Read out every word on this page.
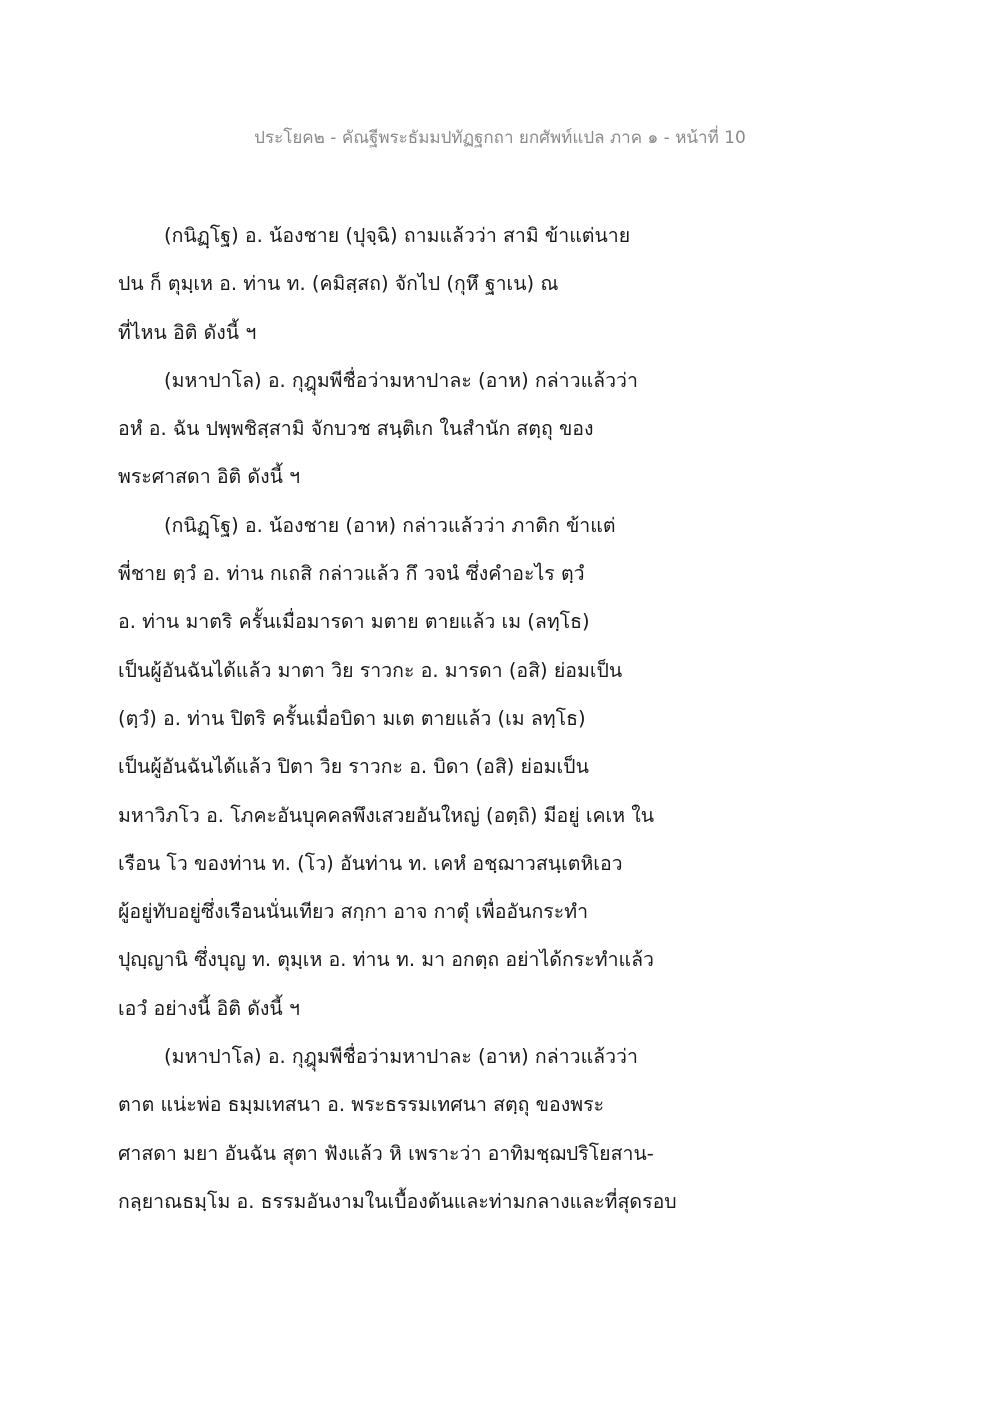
ประโยค๒ - คัณฐีพระธัมมปทัฏฐกถา ยกศัพท์แปล ภาค ๑ - หน้าที่ 10
(กนิฏฺโฐ) อ. น้องชาย (ปุจฺฉิ) ถามแล้วว่า สามิ ข้าแต่นาย
ปน ก็ ตุมฺเห อ. ท่าน ท. (คมิสฺสถ) จักไป (กุหึ ฐาเน) ณ
ที่ไหน อิติ ดังนี้ ฯ
(มหาปาโล) อ. กุฎุมพีชื่อว่ามหาปาละ (อาห) กล่าวแล้วว่า
อหํ อ. ฉัน ปพฺพชิสฺสามิ จักบวช สนฺติเก ในสำนัก สตฺถุ ของ
พระศาสดา อิติ ดังนี้ ฯ
(กนิฏฺโฐ) อ. น้องชาย (อาห) กล่าวแล้วว่า ภาติก ข้าแต่
พี่ชาย ตฺวํ อ. ท่าน กเถสิ กล่าวแล้ว กึ วจนํ ซึ่งคำอะไร ตฺวํ
อ. ท่าน มาตริ ครั้นเมื่อมารดา มตาย ตายแล้ว เม (ลทฺโธ)
เป็นผู้อันฉันได้แล้ว มาตา วิย ราวกะ อ. มารดา (อสิ) ย่อมเป็น
(ตฺวํ) อ. ท่าน ปิตริ ครั้นเมื่อบิดา มเต ตายแล้ว (เม ลทฺโธ)
เป็นผู้อันฉันได้แล้ว ปิตา วิย ราวกะ อ. บิดา (อสิ) ย่อมเป็น
มหาวิภโว อ. โภคะอันบุคคลพึงเสวยอันใหญ่ (อตฺถิ) มีอยู่ เคเห ใน
เรือน โว ของท่าน ท. (โว) อันท่าน ท. เคหํ อชฺฌาวสนฺเตหิเอว
ผู้อยู่ทับอยู่ซึ่งเรือนนั่นเทียว สกฺกา อาจ กาตุํ เพื่ออันกระทำ
ปุญฺญานิ ซึ่งบุญ ท. ตุมฺเห อ. ท่าน ท. มา อกตฺถ อย่าได้กระทำแล้ว
เอวํ อย่างนี้ อิติ ดังนี้ ฯ
(มหาปาโล) อ. กุฎุมพีชื่อว่ามหาปาละ (อาห) กล่าวแล้วว่า
ตาต แน่ะพ่อ ธมฺมเทสนา อ. พระธรรมเทศนา สตฺถุ ของพระ
ศาสดา มยา อันฉัน สุตา ฟังแล้ว หิ เพราะว่า อาทิมชฺฌปริโยสาน-
กลฺยาณธมฺโม อ. ธรรมอันงามในเบื้องต้นและท่ามกลางและที่สุดรอบ
